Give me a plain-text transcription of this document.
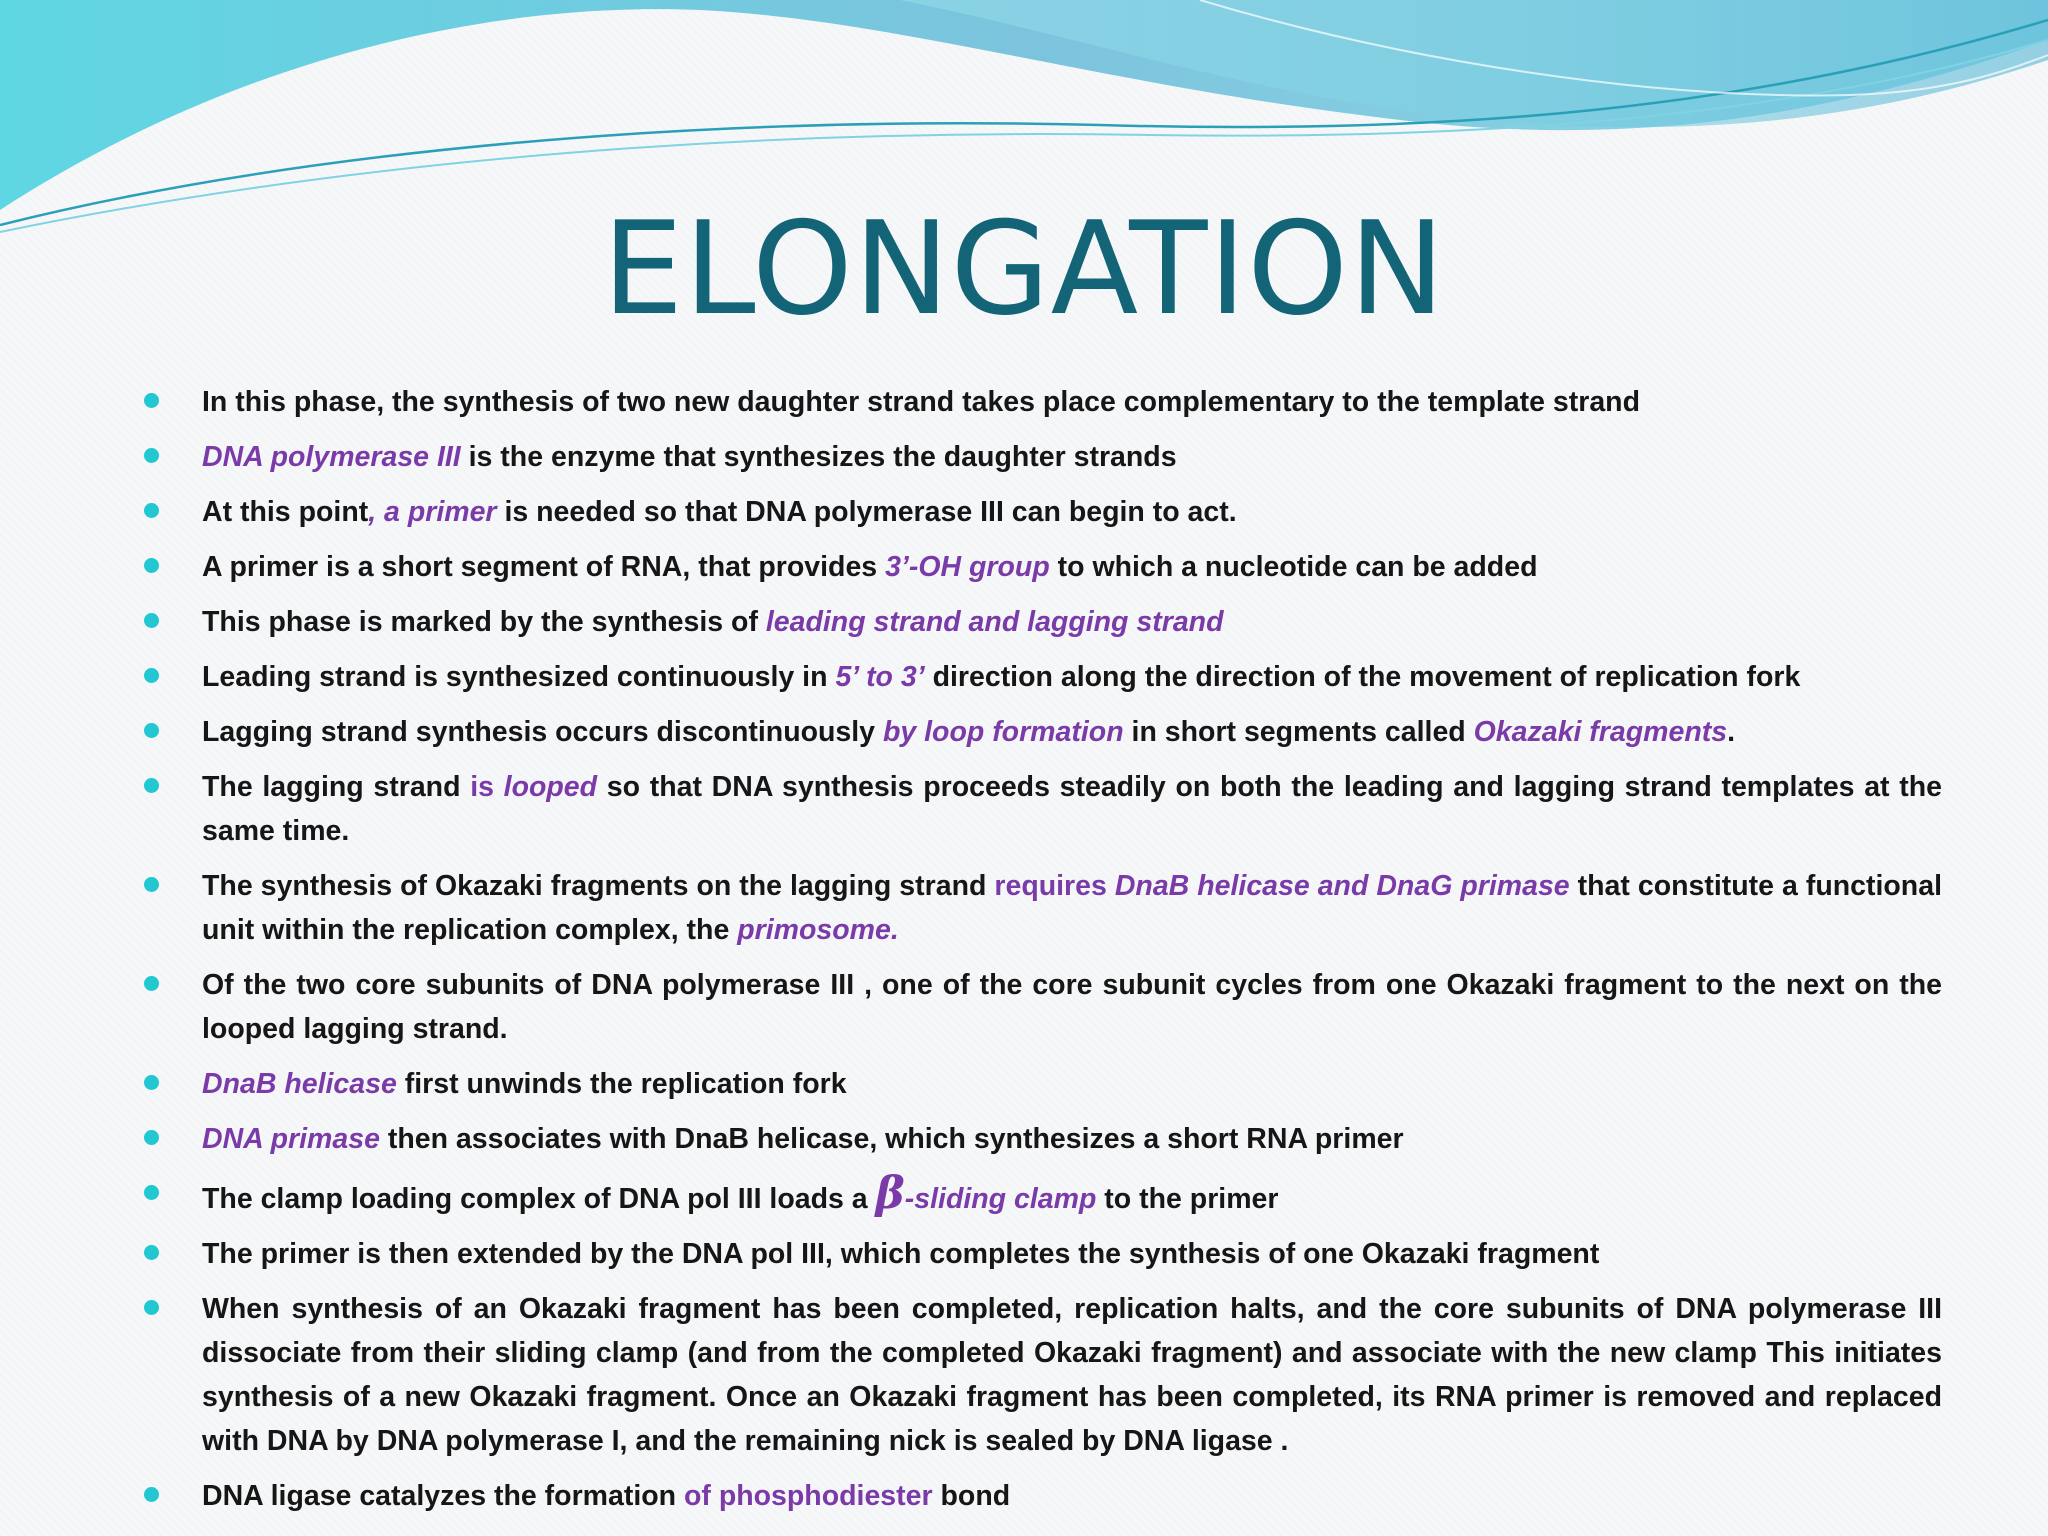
ELONGATION
In this phase, the synthesis of two new daughter strand takes place complementary to the template strand
DNA polymerase III is the enzyme that synthesizes the daughter strands
At this point, a primer is needed so that DNA polymerase III can begin to act.
A primer is a short segment of RNA, that provides 3’-OH group to which a nucleotide can be added
This phase is marked by the synthesis of leading strand and lagging strand
Leading strand is synthesized continuously in 5’ to 3’ direction along the direction of the movement of replication fork
Lagging strand synthesis occurs discontinuously by loop formation in short segments called Okazaki fragments.
The lagging strand is looped so that DNA synthesis proceeds steadily on both the leading and lagging strand templates at the same time.
The synthesis of Okazaki fragments on the lagging strand requires DnaB helicase and DnaG primase that constitute a functional unit within the replication complex, the primosome.
Of the two core subunits of DNA polymerase III , one of the core subunit cycles from one Okazaki fragment to the next on the looped lagging strand.
DnaB helicase first unwinds the replication fork
DNA primase then associates with DnaB helicase, which synthesizes a short RNA primer
The clamp loading complex of DNA pol III loads a β-sliding clamp to the primer
The primer is then extended by the DNA pol III, which completes the synthesis of one Okazaki fragment
When synthesis of an Okazaki fragment has been completed, replication halts, and the core subunits of DNA polymerase III dissociate from their sliding clamp (and from the completed Okazaki fragment) and associate with the new clamp This initiates synthesis of a new Okazaki fragment. Once an Okazaki fragment has been completed, its RNA primer is removed and replaced with DNA by DNA polymerase I, and the remaining nick is sealed by DNA ligase .
DNA ligase catalyzes the formation of phosphodiester bond
